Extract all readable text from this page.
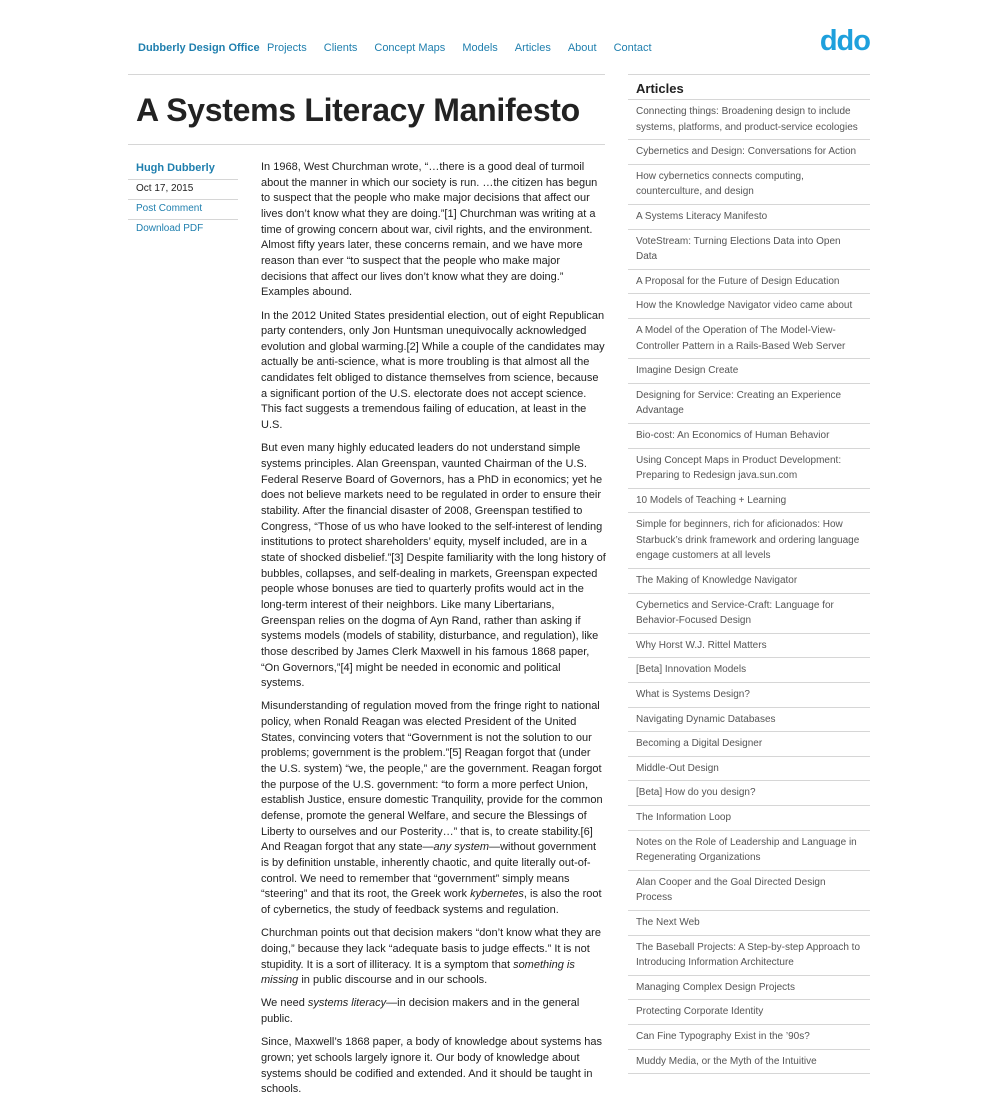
Dubberly Design Office Projects Clients Concept Maps Models Articles About Contact	ddo
A Systems Literacy Manifesto
Hugh Dubberly
Oct 17, 2015
Post Comment
Download PDF

In 1968, West Churchman wrote, “…there is a good deal of turmoil about the manner in which our society is run. …the citizen has begun to suspect that the people who make major decisions that affect our lives don’t know what they are doing.”[1] Churchman was writing at a time of growing concern about war, civil rights, and the environment. Almost fifty years later, these concerns remain, and we have more reason than ever “to suspect that the people who make major decisions that affect our lives don’t know what they are doing.” Examples abound.

In the 2012 United States presidential election, out of eight Republican party contenders, only Jon Huntsman unequivocally acknowledged evolution and global warming.[2] While a couple of the candidates may actually be anti-science, what is more troubling is that almost all the candidates felt obliged to distance themselves from science, because a significant portion of the U.S. electorate does not accept science. This fact suggests a tremendous failing of education, at least in the U.S.

But even many highly educated leaders do not understand simple systems principles. Alan Greenspan, vaunted Chairman of the U.S. Federal Reserve Board of Governors, has a PhD in economics; yet he does not believe markets need to be regulated in order to ensure their stability. After the financial disaster of 2008, Greenspan testified to Congress, “Those of us who have looked to the self-interest of lending institutions to protect shareholders’ equity, myself included, are in a state of shocked disbelief.”[3] Despite familiarity with the long history of bubbles, collapses, and self-dealing in markets, Greenspan expected people whose bonuses are tied to quarterly profits would act in the long-term interest of their neighbors. Like many Libertarians, Greenspan relies on the dogma of Ayn Rand, rather than asking if systems models (models of stability, disturbance, and regulation), like those described by James Clerk Maxwell in his famous 1868 paper, “On Governors,”[4] might be needed in economic and political systems.

Misunderstanding of regulation moved from the fringe right to national policy, when Ronald Reagan was elected President of the United States, convincing voters that “Government is not the solution to our problems; government is the problem.”[5] Reagan forgot that (under the U.S. system) “we, the people,” are the government. Reagan forgot the purpose of the U.S. government: “to form a more perfect Union, establish Justice, ensure domestic Tranquility, provide for the common defense, promote the general Welfare, and secure the Blessings of Liberty to ourselves and our Posterity…” that is, to create stability.[6] And Reagan forgot that any state—any system—without government is by definition unstable, inherently chaotic, and quite literally out-of-control. We need to remember that “government” simply means “steering” and that its root, the Greek work kybernetes, is also the root of cybernetics, the study of feedback systems and regulation.

Churchman points out that decision makers “don’t know what they are doing,” because they lack “adequate basis to judge effects.” It is not stupidity. It is a sort of illiteracy. It is a symptom that something is missing in public discourse and in our schools.

We need systems literacy—in decision makers and in the general public.

Since, Maxwell’s 1868 paper, a body of knowledge about systems has grown; yet schools largely ignore it. Our body of knowledge about systems should be codified and extended. And it should be taught in schools.

Articles
Connecting things: Broadening design to include systems, platforms, and product-service ecologies
Cybernetics and Design: Conversations for Action
How cybernetics connects computing, counterculture, and design
A Systems Literacy Manifesto
VoteStream: Turning Elections Data into Open Data
A Proposal for the Future of Design Education
How the Knowledge Navigator video came about
A Model of the Operation of The Model-View-Controller Pattern in a Rails-Based Web Server
Imagine Design Create
Designing for Service: Creating an Experience Advantage
Bio-cost: An Economics of Human Behavior
Using Concept Maps in Product Development: Preparing to Redesign java.sun.com
10 Models of Teaching + Learning
Simple for beginners, rich for aficionados: How Starbuck’s drink framework and ordering language engage customers at all levels
The Making of Knowledge Navigator
Cybernetics and Service-Craft: Language for Behavior-Focused Design
Why Horst W.J. Rittel Matters
[Beta] Innovation Models
What is Systems Design?
Navigating Dynamic Databases
Becoming a Digital Designer
Middle-Out Design
[Beta] How do you design?
The Information Loop
Notes on the Role of Leadership and Language in Regenerating Organizations
Alan Cooper and the Goal Directed Design Process
The Next Web
The Baseball Projects: A Step-by-step Approach to Introducing Information Architecture
Managing Complex Design Projects
Protecting Corporate Identity
Can Fine Typography Exist in the ’90s?
Muddy Media, or the Myth of the Intuitive
